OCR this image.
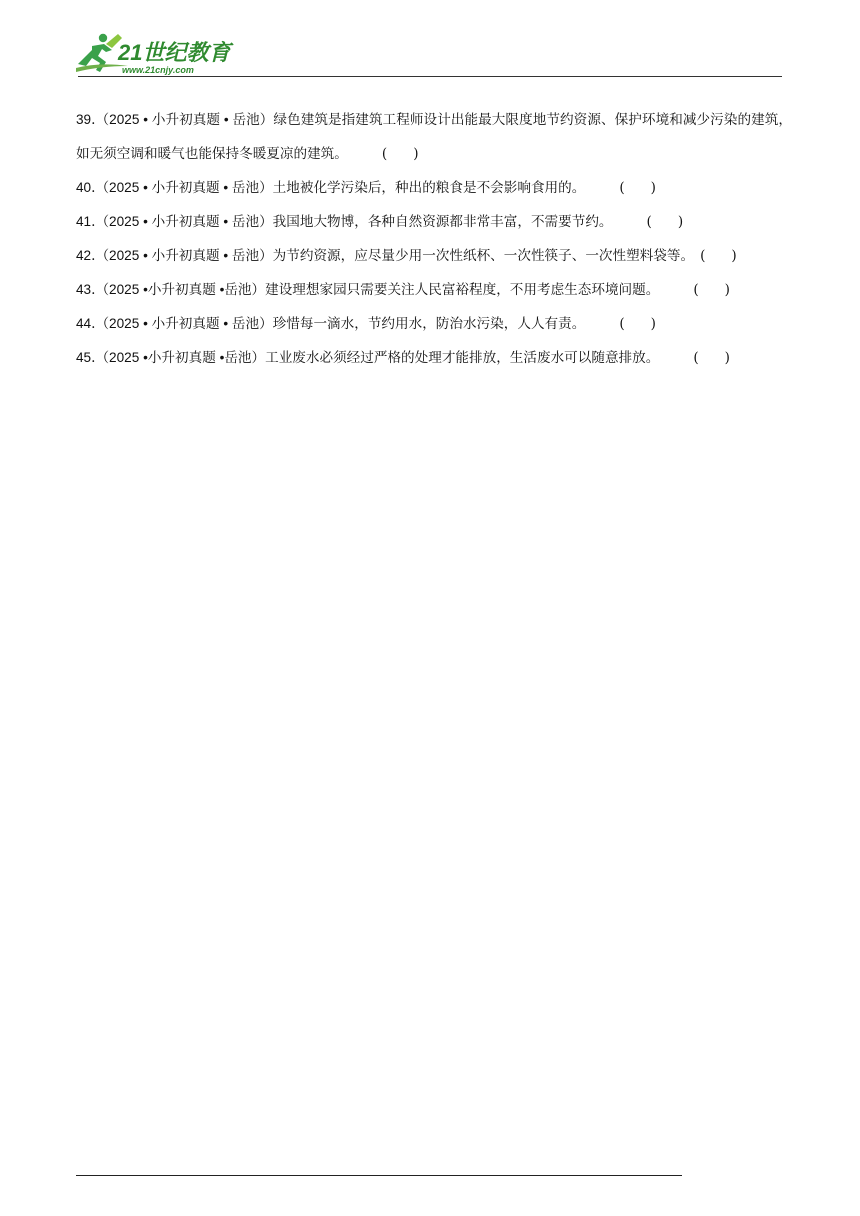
21世纪教育
www.21cnjy.com

39.（2025 • 小升初真题 • 岳池）绿色建筑是指建筑工程师设计出能最大限度地节约资源、保护环境和减少污染的建筑，如无须空调和暖气也能保持冬暖夏凉的建筑。	( )

40.（2025 • 小升初真题 • 岳池）土地被化学污染后，种出的粮食是不会影响食用的。	( )

41.（2025 • 小升初真题 • 岳池）我国地大物博，各种自然资源都非常丰富，不需要节约。	( )

42.（2025 • 小升初真题 • 岳池）为节约资源，应尽量少用一次性纸杯、一次性筷子、一次性塑料袋等。 ( )

43.（2025 •小升初真题 •岳池）建设理想家园只需要关注人民富裕程度，不用考虑生态环境问题。	( )

44.（2025 • 小升初真题 • 岳池）珍惜每一滴水，节约用水，防治水污染，人人有责。	( )

45.（2025 •小升初真题 •岳池）工业废水必须经过严格的处理才能排放，生活废水可以随意排放。	( )
